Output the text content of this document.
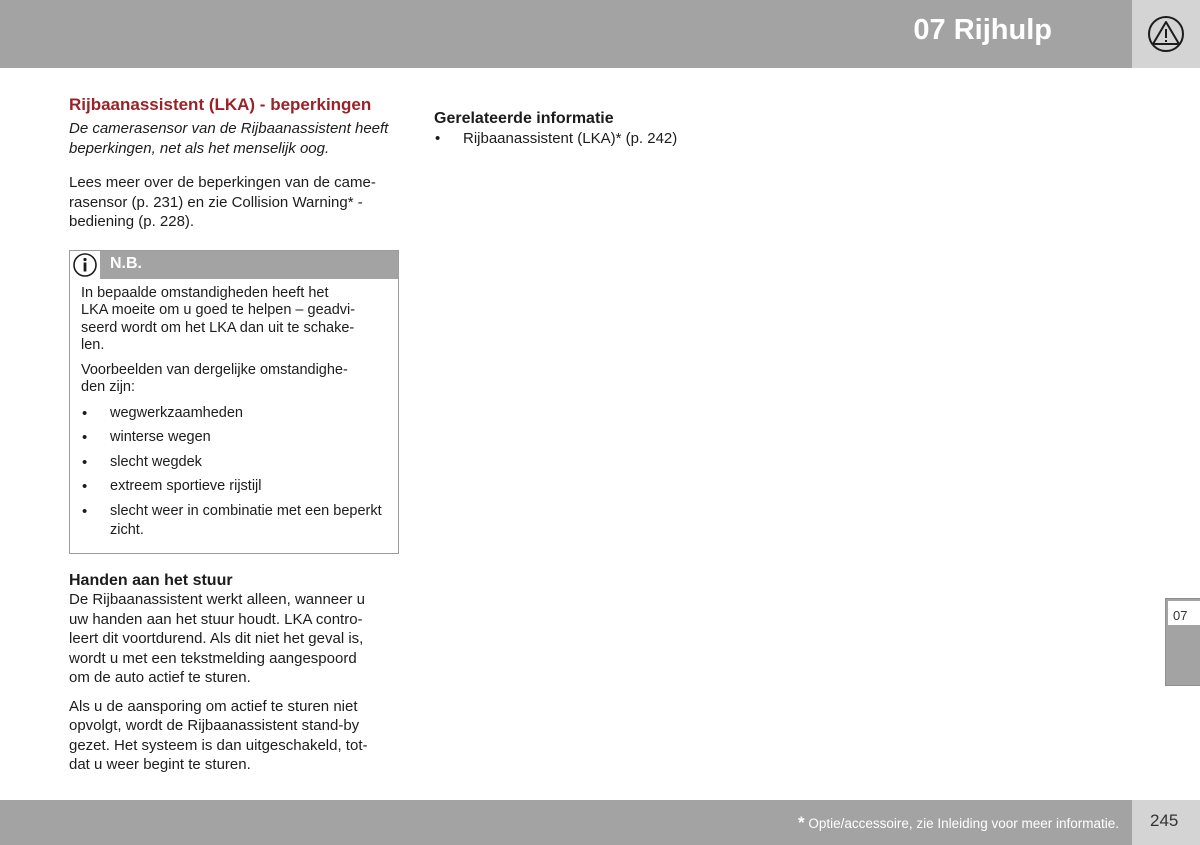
07 Rijhulp
Rijbaanassistent (LKA) - beperkingen
De camerasensor van de Rijbaanassistent heeft beperkingen, net als het menselijk oog.
Lees meer over de beperkingen van de came-
rasensor (p. 231) en zie Collision Warning* -
bediening (p. 228).
N.B.
In bepaalde omstandigheden heeft het
LKA moeite om u goed te helpen – geadvi-
seerd wordt om het LKA dan uit te schake-
len.
Voorbeelden van dergelijke omstandighe-
den zijn:
• wegwerkzaamheden
• winterse wegen
• slecht wegdek
• extreem sportieve rijstijl
• slecht weer in combinatie met een beperkt zicht.
Handen aan het stuur
De Rijbaanassistent werkt alleen, wanneer u
uw handen aan het stuur houdt. LKA contro-
leert dit voortdurend. Als dit niet het geval is,
wordt u met een tekstmelding aangespoord
om de auto actief te sturen.
Als u de aansporing om actief te sturen niet
opvolgt, wordt de Rijbaanassistent stand-by
gezet. Het systeem is dan uitgeschakeld, tot-
dat u weer begint te sturen.
Gerelateerde informatie
• Rijbaanassistent (LKA)* (p. 242)
07
* Optie/accessoire, zie Inleiding voor meer informatie. 245
